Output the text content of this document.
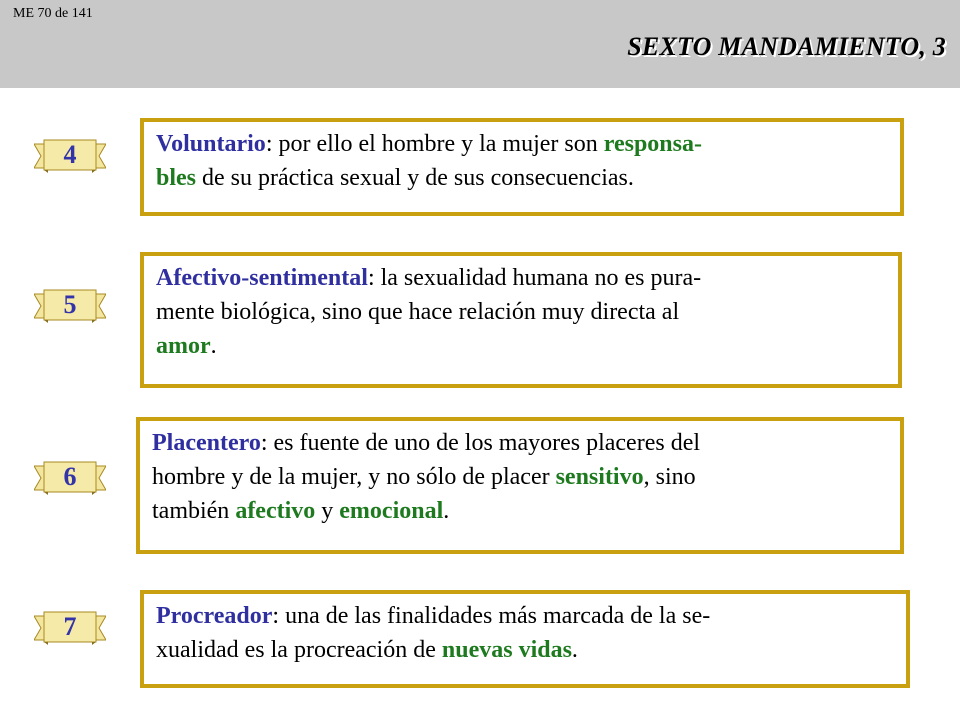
ME 70 de 141
SEXTO MANDAMIENTO, 3
4	Voluntario: por ello el hombre y la mujer son responsa-
bles de su práctica sexual y de sus consecuencias.
5
Afectivo-sentimental: la sexualidad humana no es pura-
mente biológica, sino que hace relación muy directa al
amor.
6
Placentero: es fuente de uno de los mayores placeres del
hombre y de la mujer, y no sólo de placer sensitivo, sino
también afectivo y emocional.
7	Procreador: una de las finalidades más marcada de la se-
xualidad es la procreación de nuevas vidas.
